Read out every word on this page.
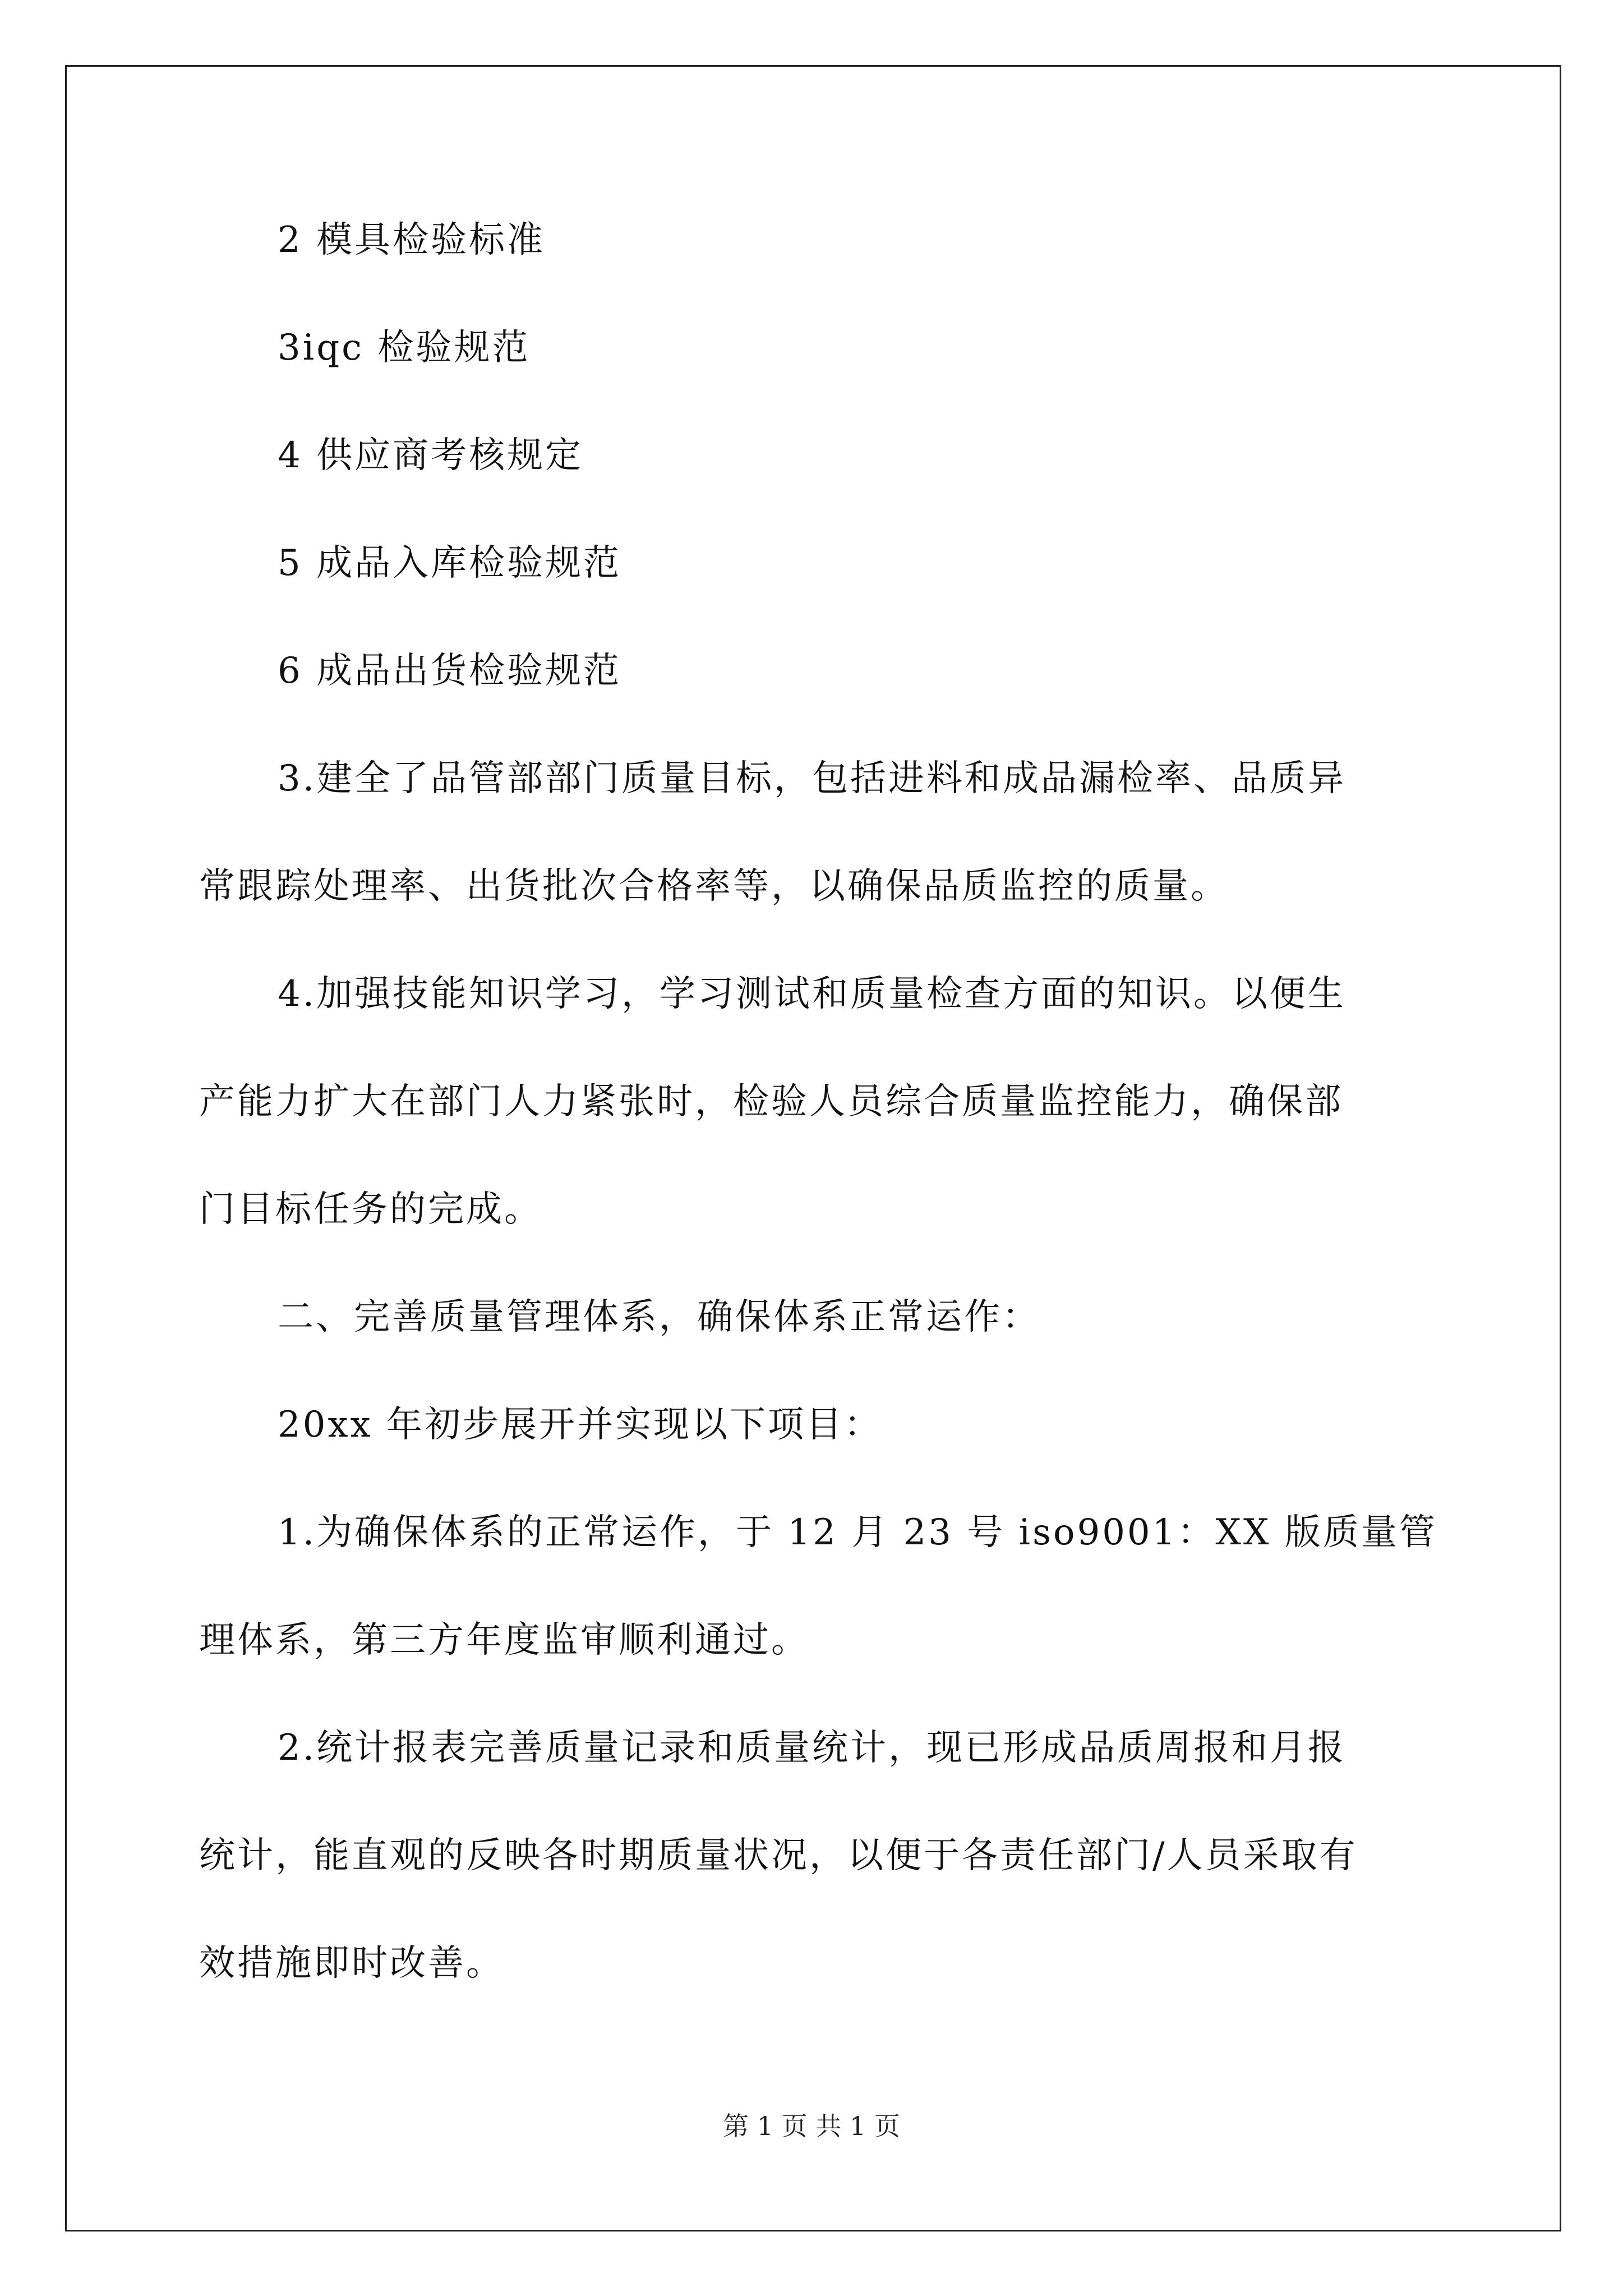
2 模具检验标准
3iqc 检验规范
4 供应商考核规定
5 成品入库检验规范
6 成品出货检验规范
3.建全了品管部部门质量目标，包括进料和成品漏检率、品质异
常跟踪处理率、出货批次合格率等，以确保品质监控的质量。
4.加强技能知识学习，学习测试和质量检查方面的知识。以便生
产能力扩大在部门人力紧张时，检验人员综合质量监控能力，确保部
门目标任务的完成。
二、完善质量管理体系，确保体系正常运作：
20xx 年初步展开并实现以下项目：
1.为确保体系的正常运作，于 12 月 23 号 iso9001：XX 版质量管
理体系，第三方年度监审顺利通过。
2.统计报表完善质量记录和质量统计，现已形成品质周报和月报
统计，能直观的反映各时期质量状况，以便于各责任部门/人员采取有
效措施即时改善。
第 1 页 共 1 页
